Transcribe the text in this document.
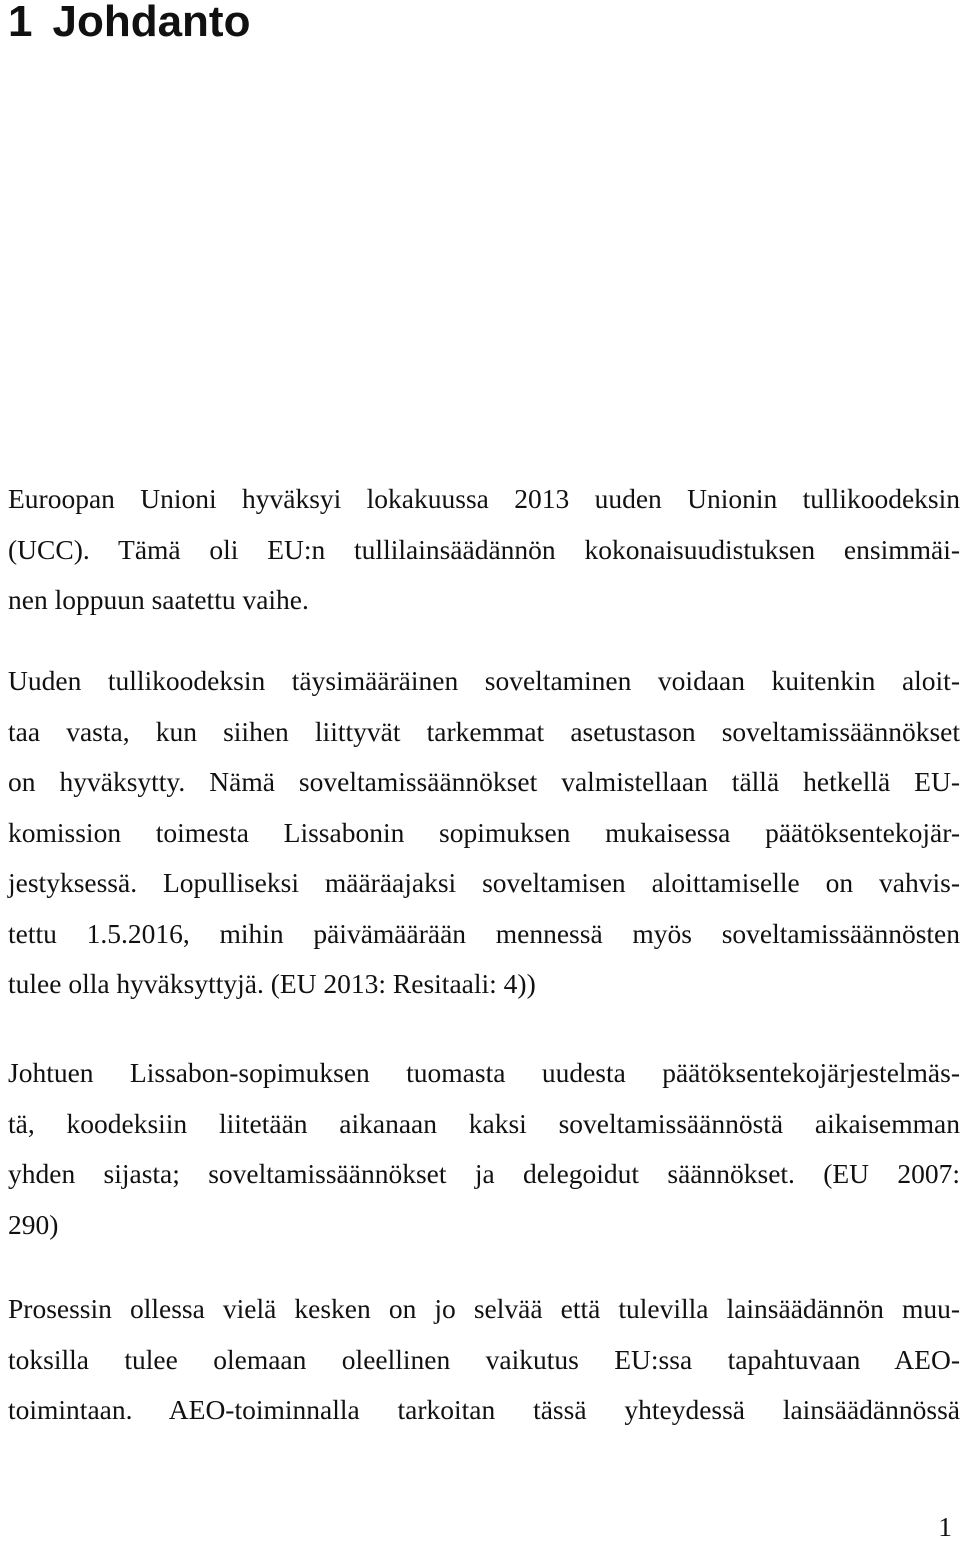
1 Johdanto
Euroopan Unioni hyväksyi lokakuussa 2013 uuden Unionin tullikoodeksin
(UCC). Tämä oli EU:n tullilainsäädännön kokonaisuudistuksen ensimmäi-
nen loppuun saatettu vaihe.
Uuden tullikoodeksin täysimääräinen soveltaminen voidaan kuitenkin aloit-
taa vasta, kun siihen liittyvät tarkemmat asetustason soveltamissäännökset
on hyväksytty. Nämä soveltamissäännökset valmistellaan tällä hetkellä EU-
komission toimesta Lissabonin sopimuksen mukaisessa päätöksentekojär-
jestyksessä. Lopulliseksi määräajaksi soveltamisen aloittamiselle on vahvis-
tettu 1.5.2016, mihin päivämäärään mennessä myös soveltamissäännösten
tulee olla hyväksyttyjä. (EU 2013: Resitaali: 4))
Johtuen Lissabon-sopimuksen tuomasta uudesta päätöksentekojärjestelmäs-
tä, koodeksiin liitetään aikanaan kaksi soveltamissäännöstä aikaisemman
yhden sijasta; soveltamissäännökset ja delegoidut säännökset. (EU 2007:
290)
Prosessin ollessa vielä kesken on jo selvää että tulevilla lainsäädännön muu-
toksilla tulee olemaan oleellinen vaikutus EU:ssa tapahtuvaan AEO-
toimintaan. AEO-toiminnalla tarkoitan tässä yhteydessä lainsäädännössä

1
